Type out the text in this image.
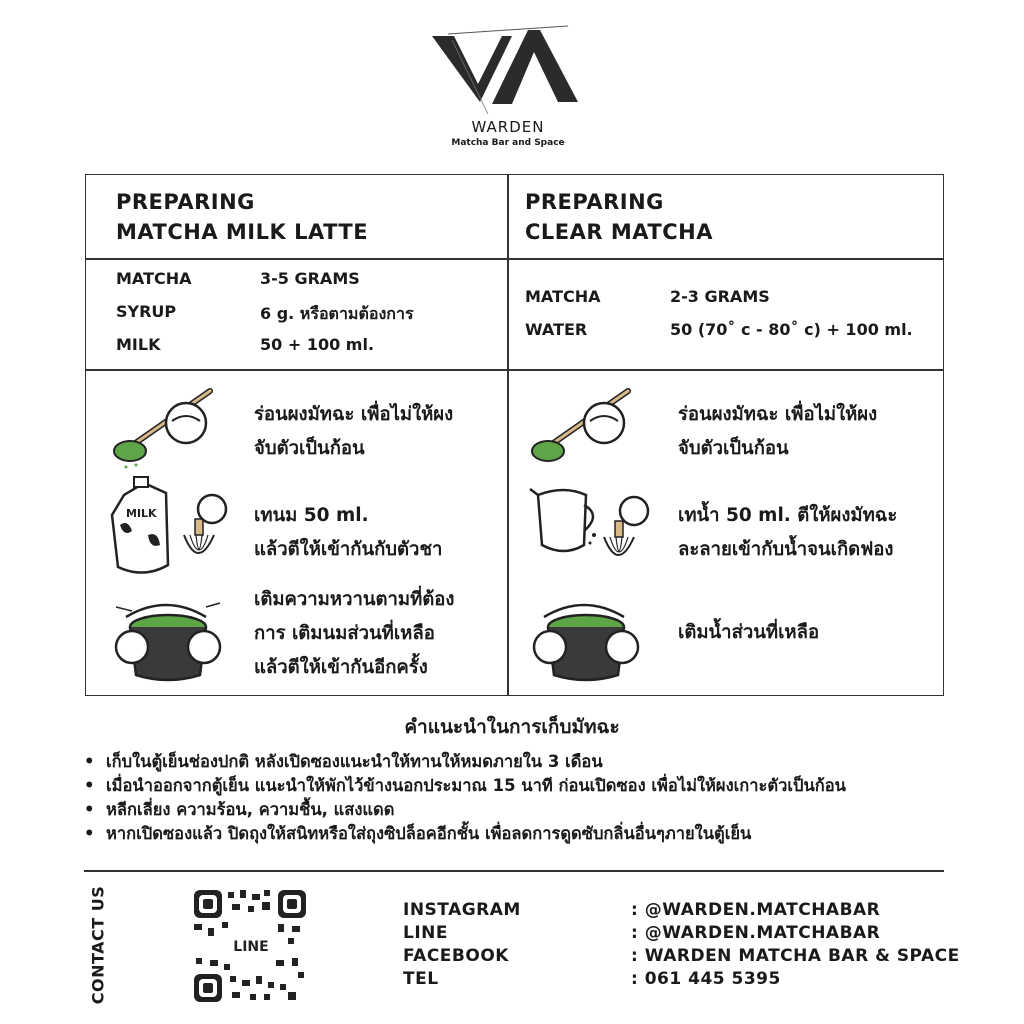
WARDEN
Matcha Bar and Space
PREPARING
MATCHA MILK LATTE
MATCHA	3-5 GRAMS
SYRUP	6 g. หรือตามต้องการ
MILK	50 + 100 ml.
MILK
ร่อนผงมัทฉะ เพื่อไม่ให้ผง
จับตัวเป็นก้อน
เทนม 50 ml.
แล้วตีให้เข้ากันกับตัวชา
เติมความหวานตามที่ต้อง
การ เติมนมส่วนที่เหลือ
แล้วตีให้เข้ากันอีกครั้ง
PREPARING
CLEAR MATCHA
MATCHA	2-3 GRAMS
WATER	50 (70˚ c - 80˚ c) + 100 ml.
ร่อนผงมัทฉะ เพื่อไม่ให้ผง
จับตัวเป็นก้อน
เทน้ำ 50 ml. ตีให้ผงมัทฉะ
ละลายเข้ากับน้ำจนเกิดฟอง
เติมน้ำส่วนที่เหลือ
คำแนะนำในการเก็บมัทฉะ
• เก็บในตู้เย็นช่องปกติ หลังเปิดซองแนะนำให้ทานให้หมดภายใน 3 เดือน
• เมื่อนำออกจากตู้เย็น แนะนำให้พักไว้ข้างนอกประมาณ 15 นาที ก่อนเปิดซอง เพื่อไม่ให้ผงเกาะตัวเป็นก้อน
• หลีกเลี่ยง ความร้อน, ความชื้น, แสงแดด
• หากเปิดซองแล้ว ปิดถุงให้สนิทหรือใส่ถุงซิปล็อคอีกชั้น เพื่อลดการดูดซับกลิ่นอื่นๆภายในตู้เย็น
CONTACT US	LINE
INSTAGRAM	: @WARDEN.MATCHABAR
LINE	: @WARDEN.MATCHABAR
FACEBOOK	: WARDEN MATCHA BAR & SPACE
TEL	: 061 445 5395
